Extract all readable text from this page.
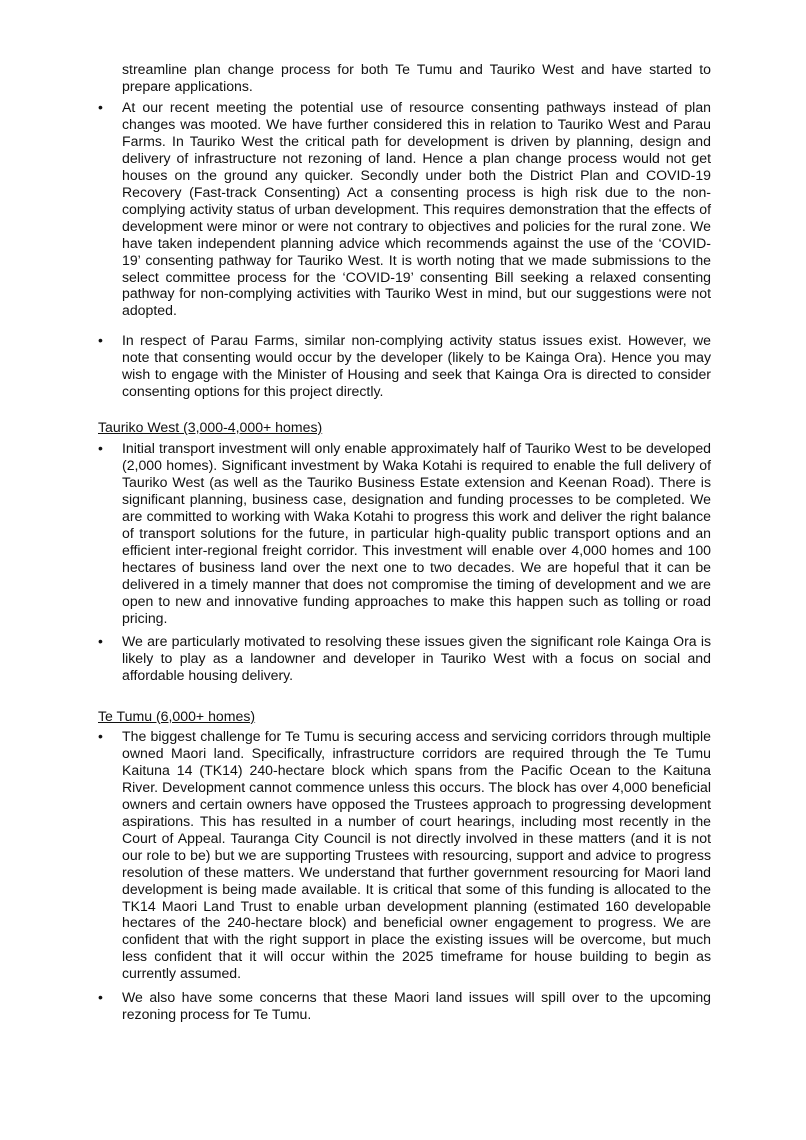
streamline plan change process for both Te Tumu and Tauriko West and have started to prepare applications.

• At our recent meeting the potential use of resource consenting pathways instead of plan changes was mooted. We have further considered this in relation to Tauriko West and Parau Farms. In Tauriko West the critical path for development is driven by planning, design and delivery of infrastructure not rezoning of land. Hence a plan change process would not get houses on the ground any quicker. Secondly under both the District Plan and COVID-19 Recovery (Fast-track Consenting) Act a consenting process is high risk due to the non-complying activity status of urban development. This requires demonstration that the effects of development were minor or were not contrary to objectives and policies for the rural zone. We have taken independent planning advice which recommends against the use of the ‘COVID-19’ consenting pathway for Tauriko West. It is worth noting that we made submissions to the select committee process for the ‘COVID-19’ consenting Bill seeking a relaxed consenting pathway for non-complying activities with Tauriko West in mind, but our suggestions were not adopted.

• In respect of Parau Farms, similar non-complying activity status issues exist. However, we note that consenting would occur by the developer (likely to be Kainga Ora). Hence you may wish to engage with the Minister of Housing and seek that Kainga Ora is directed to consider consenting options for this project directly.

Tauriko West (3,000-4,000+ homes)

• Initial transport investment will only enable approximately half of Tauriko West to be developed (2,000 homes). Significant investment by Waka Kotahi is required to enable the full delivery of Tauriko West (as well as the Tauriko Business Estate extension and Keenan Road). There is significant planning, business case, designation and funding processes to be completed. We are committed to working with Waka Kotahi to progress this work and deliver the right balance of transport solutions for the future, in particular high-quality public transport options and an efficient inter-regional freight corridor. This investment will enable over 4,000 homes and 100 hectares of business land over the next one to two decades. We are hopeful that it can be delivered in a timely manner that does not compromise the timing of development and we are open to new and innovative funding approaches to make this happen such as tolling or road pricing.

• We are particularly motivated to resolving these issues given the significant role Kainga Ora is likely to play as a landowner and developer in Tauriko West with a focus on social and affordable housing delivery.

Te Tumu (6,000+ homes)

• The biggest challenge for Te Tumu is securing access and servicing corridors through multiple owned Maori land. Specifically, infrastructure corridors are required through the Te Tumu Kaituna 14 (TK14) 240-hectare block which spans from the Pacific Ocean to the Kaituna River. Development cannot commence unless this occurs. The block has over 4,000 beneficial owners and certain owners have opposed the Trustees approach to progressing development aspirations. This has resulted in a number of court hearings, including most recently in the Court of Appeal. Tauranga City Council is not directly involved in these matters (and it is not our role to be) but we are supporting Trustees with resourcing, support and advice to progress resolution of these matters. We understand that further government resourcing for Maori land development is being made available. It is critical that some of this funding is allocated to the TK14 Maori Land Trust to enable urban development planning (estimated 160 developable hectares of the 240-hectare block) and beneficial owner engagement to progress. We are confident that with the right support in place the existing issues will be overcome, but much less confident that it will occur within the 2025 timeframe for house building to begin as currently assumed.

• We also have some concerns that these Maori land issues will spill over to the upcoming rezoning process for Te Tumu.
